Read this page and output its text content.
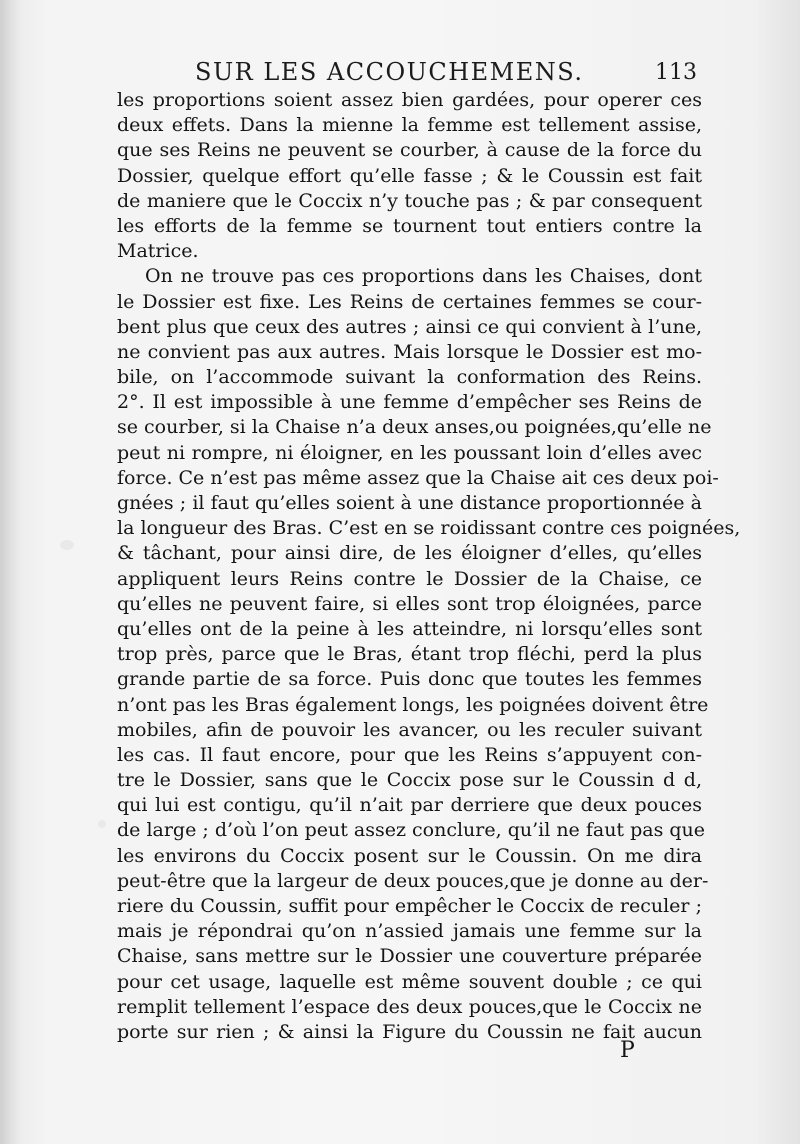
SUR LES ACCOUCHEMENS.	113
les proportions soient assez bien gardées, pour operer ces
deux effets. Dans la mienne la femme est tellement assise,
que ses Reins ne peuvent se courber, à cause de la force du
Dossier, quelque effort qu’elle fasse ; & le Coussin est fait
de maniere que le Coccix n’y touche pas ; & par consequent
les efforts de la femme se tournent tout entiers contre la
Matrice.
On ne trouve pas ces proportions dans les Chaises, dont
le Dossier est fixe. Les Reins de certaines femmes se cour-
bent plus que ceux des autres ; ainsi ce qui convient à l’une,
ne convient pas aux autres. Mais lorsque le Dossier est mo-
bile, on l’accommode suivant la conformation des Reins.
2°. Il est impossible à une femme d’empêcher ses Reins de
se courber, si la Chaise n’a deux anses,ou poignées,qu’elle ne
peut ni rompre, ni éloigner, en les poussant loin d’elles avec
force. Ce n’est pas même assez que la Chaise ait ces deux poi-
gnées ; il faut qu’elles soient à une distance proportionnée à
la longueur des Bras. C’est en se roidissant contre ces poignées,
& tâchant, pour ainsi dire, de les éloigner d’elles, qu’elles
appliquent leurs Reins contre le Dossier de la Chaise, ce
qu’elles ne peuvent faire, si elles sont trop éloignées, parce
qu’elles ont de la peine à les atteindre, ni lorsqu’elles sont
trop près, parce que le Bras, étant trop fléchi, perd la plus
grande partie de sa force. Puis donc que toutes les femmes
n’ont pas les Bras également longs, les poignées doivent être
mobiles, afin de pouvoir les avancer, ou les reculer suivant
les cas. Il faut encore, pour que les Reins s’appuyent con-
tre le Dossier, sans que le Coccix pose sur le Coussin d d,
qui lui est contigu, qu’il n’ait par derriere que deux pouces
de large ; d’où l’on peut assez conclure, qu’il ne faut pas que
les environs du Coccix posent sur le Coussin. On me dira
peut-être que la largeur de deux pouces,que je donne au der-
riere du Coussin, suffit pour empêcher le Coccix de reculer ;
mais je répondrai qu’on n’assied jamais une femme sur la
Chaise, sans mettre sur le Dossier une couverture préparée
pour cet usage, laquelle est même souvent double ; ce qui
remplit tellement l’espace des deux pouces,que le Coccix ne
porte sur rien ; & ainsi la Figure du Coussin ne fait aucun
P
